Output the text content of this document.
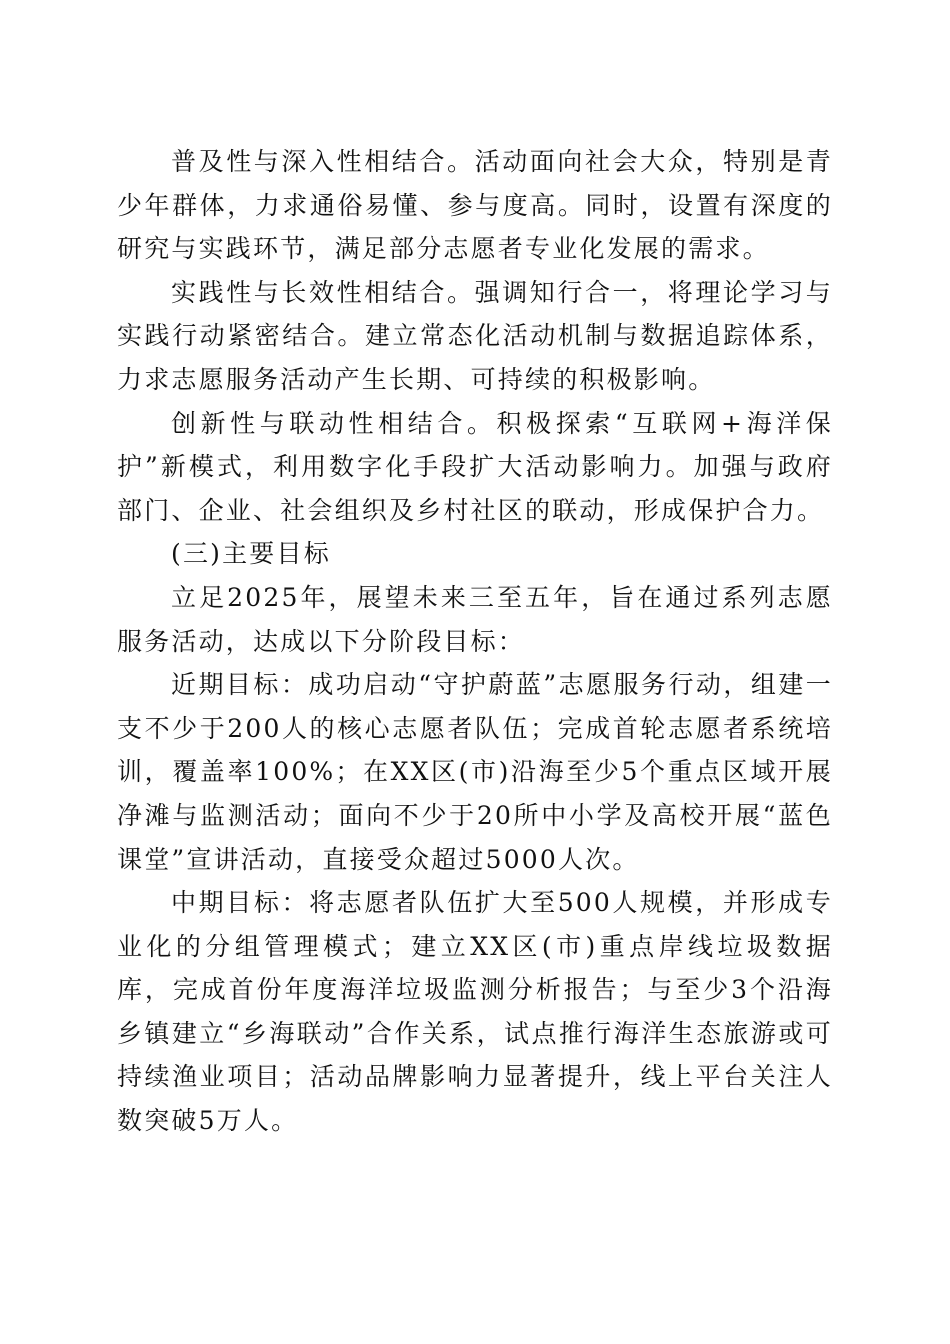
普及性与深入性相结合。活动面向社会大众，特别是青少年群体，力求通俗易懂、参与度高。同时，设置有深度的研究与实践环节，满足部分志愿者专业化发展的需求。

实践性与长效性相结合。强调知行合一，将理论学习与实践行动紧密结合。建立常态化活动机制与数据追踪体系，力求志愿服务活动产生长期、可持续的积极影响。

创新性与联动性相结合。积极探索“互联网+海洋保护”新模式，利用数字化手段扩大活动影响力。加强与政府部门、企业、社会组织及乡村社区的联动，形成保护合力。

(三)主要目标

立足2025年，展望未来三至五年，旨在通过系列志愿服务活动，达成以下分阶段目标：

近期目标：成功启动“守护蔚蓝”志愿服务行动，组建一支不少于200人的核心志愿者队伍；完成首轮志愿者系统培训，覆盖率100%；在XX区(市)沿海至少5个重点区域开展净滩与监测活动；面向不少于20所中小学及高校开展“蓝色课堂”宣讲活动，直接受众超过5000人次。

中期目标：将志愿者队伍扩大至500人规模，并形成专业化的分组管理模式；建立XX区(市)重点岸线垃圾数据库，完成首份年度海洋垃圾监测分析报告；与至少3个沿海乡镇建立“乡海联动”合作关系，试点推行海洋生态旅游或可持续渔业项目；活动品牌影响力显著提升，线上平台关注人数突破5万人。
